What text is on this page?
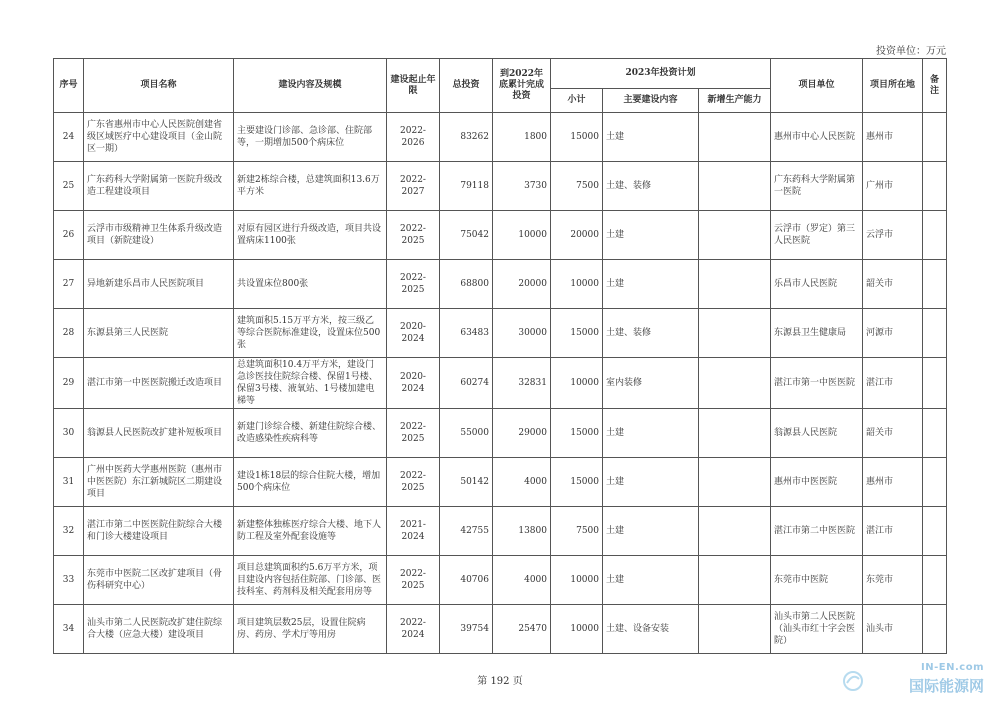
投资单位：万元
序号	项目名称	建设内容及规模	建设起止年限	总投资	到2022年底累计完成投资	2023年投资计划			项目单位	项目所在地	备注
						小计	主要建设内容	新增生产能力			
24	广东省惠州市中心人民医院创建省级区域医疗中心建设项目（金山院区一期）	主要建设门诊部、急诊部、住院部等，一期增加500个病床位	2022-2026	83262	1800	15000	土建		惠州市中心人民医院	惠州市	
25	广东药科大学附属第一医院升级改造工程建设项目	新建2栋综合楼，总建筑面积13.6万平方米	2022-2027	79118	3730	7500	土建、装修		广东药科大学附属第一医院	广州市	
26	云浮市市级精神卫生体系升级改造项目（新院建设）	对原有园区进行升级改造，项目共设置病床1100张	2022-2025	75042	10000	20000	土建		云浮市（罗定）第三人民医院	云浮市	
27	异地新建乐昌市人民医院项目	共设置床位800张	2022-2025	68800	20000	10000	土建		乐昌市人民医院	韶关市	
28	东源县第三人民医院	建筑面积5.15万平方米，按三级乙等综合医院标准建设，设置床位500张	2020-2024	63483	30000	15000	土建、装修		东源县卫生健康局	河源市	
29	湛江市第一中医医院搬迁改造项目	总建筑面积10.4万平方米，建设门急诊医技住院综合楼、保留1号楼、保留3号楼、液氧站、1号楼加建电梯等	2020-2024	60274	32831	10000	室内装修		湛江市第一中医医院	湛江市	
30	翁源县人民医院改扩建补短板项目	新建门诊综合楼、新建住院综合楼、改造感染性疾病科等	2022-2025	55000	29000	15000	土建		翁源县人民医院	韶关市	
31	广州中医药大学惠州医院（惠州市中医医院）东江新城院区二期建设项目	建设1栋18层的综合住院大楼，增加500个病床位	2022-2025	50142	4000	15000	土建		惠州市中医医院	惠州市	
32	湛江市第二中医医院住院综合大楼和门诊大楼建设项目	新建整体独栋医疗综合大楼、地下人防工程及室外配套设施等	2021-2024	42755	13800	7500	土建		湛江市第二中医医院	湛江市	
33	东莞市中医院二区改扩建项目（骨伤科研究中心）	项目总建筑面积约5.6万平方米，项目建设内容包括住院部、门诊部、医技科室、药剂科及相关配套用房等	2022-2025	40706	4000	10000	土建		东莞市中医院	东莞市	
34	汕头市第二人民医院改扩建住院综合大楼（应急大楼）建设项目	项目建筑层数25层，设置住院病房、药房、学术厅等用房	2022-2024	39754	25470	10000	土建、设备安装		汕头市第二人民医院（汕头市红十字会医院）	汕头市	
第 192 页
IN-EN.com
国际能源网
